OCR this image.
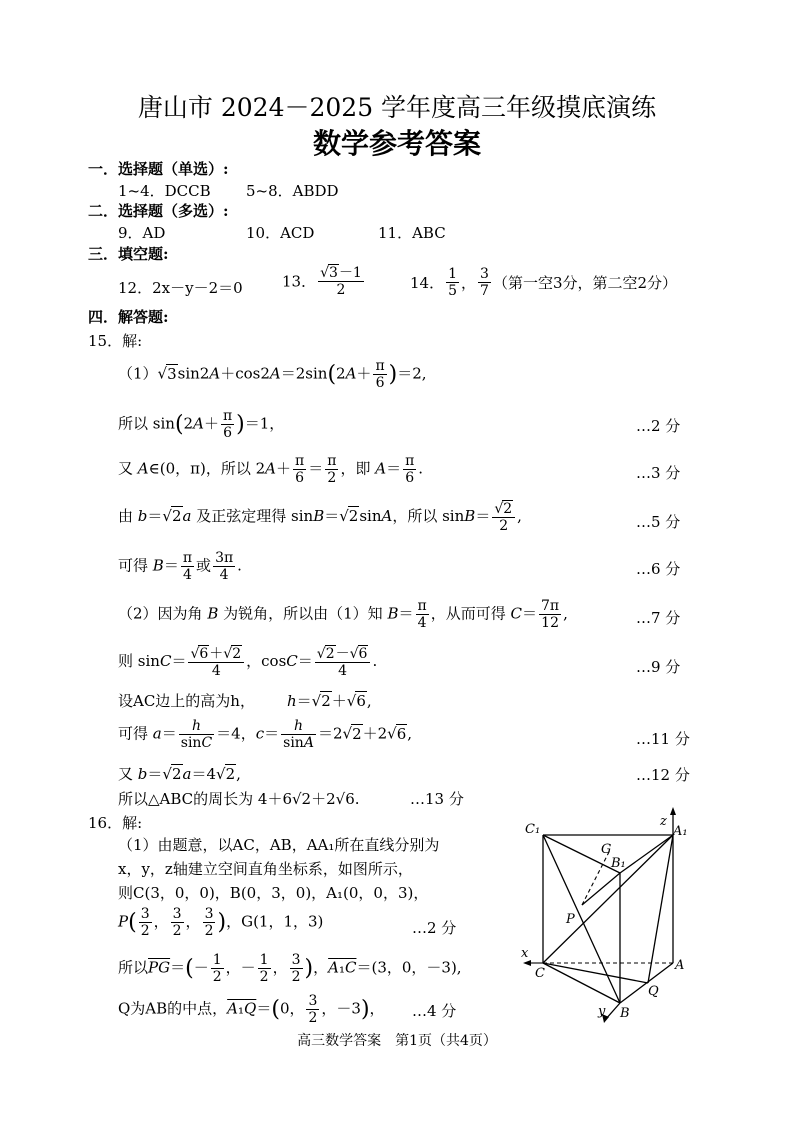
唐山市 2024－2025 学年度高三年级摸底演练
数学参考答案
一．选择题（单选）:
1~4．DCCB 5~8．ABDD
二．选择题（多选）:
9．AD	10．ACD	11．ABC
三．填空题:
12．2x－y－2＝0	13． $\frac{√3-1}{2}$	14． $\frac{1}{5}$ ， $\frac{3}{7}$ （第一空3分，第二空2分）
四．解答题:
15．解:
$(1)√3\sin 2A+\cos 2A=2\sin(2A+ \frac{\pi}{6} )=2$,
所以 $\sin(2A+ \frac{\pi}{6} )=1$，	…2 分
又 A∈(0，π)，所以 $2A+ \frac{\pi}{6} = \frac{\pi}{2}$ ，即 $A= \frac{\pi}{6}$ .	…3 分
由 b＝√2a 及正弦定理得 sinB＝√2sinA，所以 $\sin B= \frac{√2}{2}$ ,	…5 分
可得 $B= \frac{\pi}{4}$ 或 $\frac{3\pi}{4}$ .	…6 分
（2）因为角 B 为锐角，所以由（1）知 $B= \frac{\pi}{4}$ ，从而可得 $C= \frac{7\pi}{12}$ ,	…7 分
则 $\sin C= \frac{√6+√2}{4}$ ，$\cos C= \frac{√2-√6}{4}$ .	…9 分
设AC边上的高为h， h＝√2＋√6,
可得 $a= \frac{h}{\sin C} =4$，$c= \frac{h}{\sin A} =2√2+2√6$,	…11 分
又 b＝√2a＝4√2,	…12 分
所以△ABC的周长为 4＋6√2＋2√6.	…13 分
16．解:
（1）由题意，以AC，AB，AA₁所在直线分别为
x，y，z轴建立空间直角坐标系，如图所示，
则C(3，0，0)，B(0，3，0)，A₁(0，0，3)，
$P( \frac{3}{2}$ ， $\frac{3}{2}$ ， $\frac{3}{2}$ )，G(1，1，3)	…2 分
所以$\overline{PG}=(- \frac{1}{2}$ ，－ $\frac{1}{2}$ ， $\frac{3}{2}$ )，A₁C＝(3，0，－3),
Q为AB的中点，A₁Q＝(0， $\frac{3}{2}$ ，－3)， …4 分
C₁
z
A₁
G
B₁
P
x
C
A
Q
y B
高三数学答案　第1页（共4页）
